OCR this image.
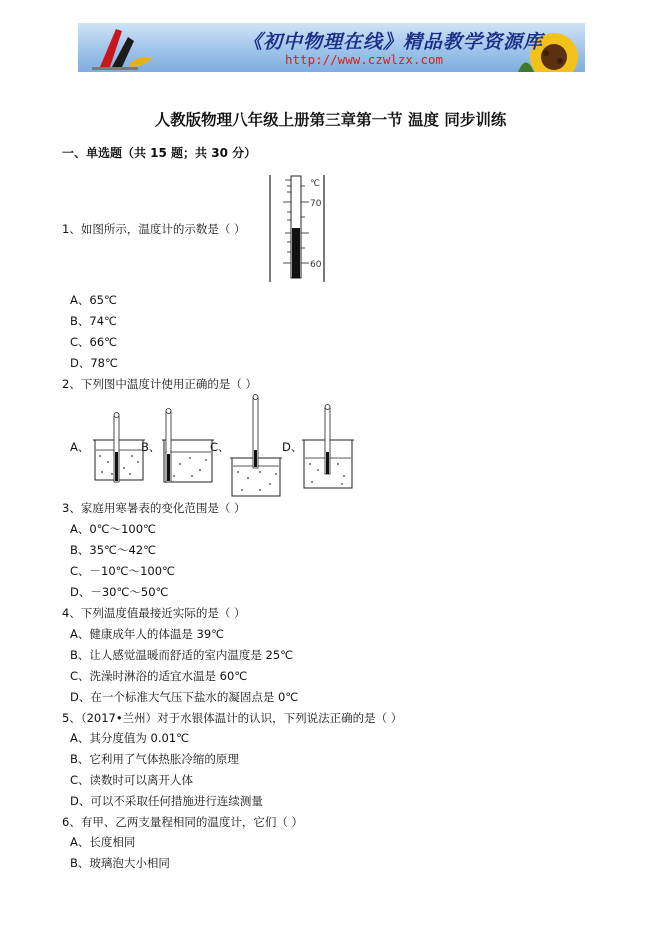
《初中物理在线》精品教学资源库
http://www.czwlzx.com
人教版物理八年级上册第三章第一节 温度 同步训练
一、单选题（共 15 题；共 30 分）
1、如图所示，温度计的示数是（ ）
℃
70
60
A、65℃
B、74℃
C、66℃
D、78℃
2、下列图中温度计使用正确的是（ ）
A、	B、	C、	D、
3、家庭用寒暑表的变化范围是（ ）
A、0℃～100℃
B、35℃～42℃
C、－10℃～100℃
D、－30℃～50℃
4、下列温度值最接近实际的是（ ）
A、健康成年人的体温是 39℃
B、让人感觉温暖而舒适的室内温度是 25℃
C、洗澡时淋浴的适宜水温是 60℃
D、在一个标准大气压下盐水的凝固点是 0℃
5、（2017•兰州）对于水银体温计的认识，下列说法正确的是（ ）
A、其分度值为 0.01℃
B、它利用了气体热胀冷缩的原理
C、读数时可以离开人体
D、可以不采取任何措施进行连续测量
6、有甲、乙两支量程相同的温度计，它们（ ）
A、长度相同
B、玻璃泡大小相同
